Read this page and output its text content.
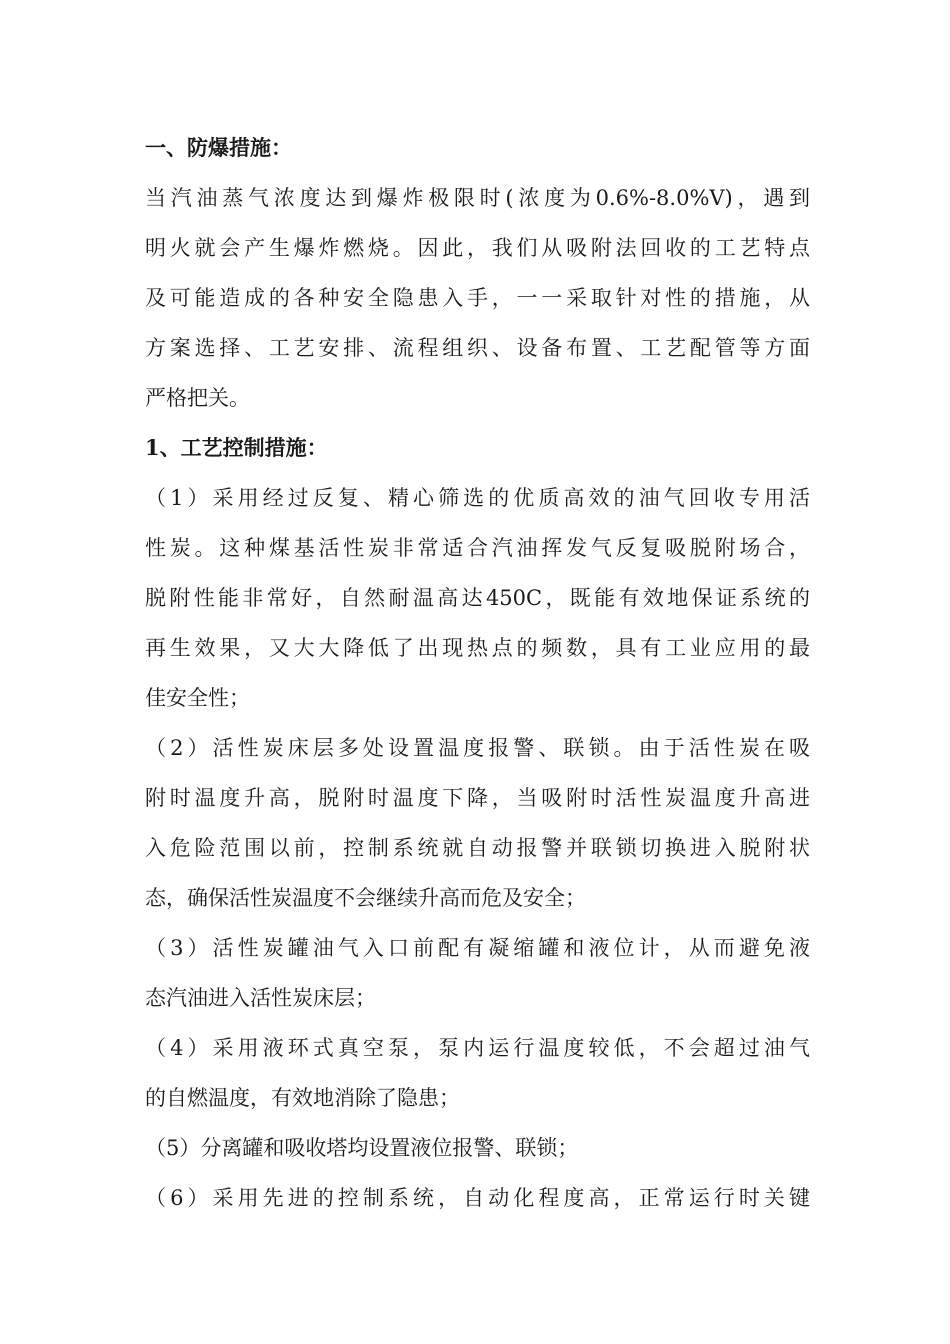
一、防爆措施：
当汽油蒸气浓度达到爆炸极限时(浓度为0.6%-8.0%V)，遇到
明火就会产生爆炸燃烧。因此，我们从吸附法回收的工艺特点
及可能造成的各种安全隐患入手，一一采取针对性的措施，从
方案选择、工艺安排、流程组织、设备布置、工艺配管等方面
严格把关。
1、工艺控制措施：
（1）采用经过反复、精心筛选的优质高效的油气回收专用活
性炭。这种煤基活性炭非常适合汽油挥发气反复吸脱附场合，
脱附性能非常好，自然耐温高达450C，既能有效地保证系统的
再生效果，又大大降低了出现热点的频数，具有工业应用的最
佳安全性；
（2）活性炭床层多处设置温度报警、联锁。由于活性炭在吸
附时温度升高，脱附时温度下降，当吸附时活性炭温度升高进
入危险范围以前，控制系统就自动报警并联锁切换进入脱附状
态，确保活性炭温度不会继续升高而危及安全；
（3）活性炭罐油气入口前配有凝缩罐和液位计，从而避免液
态汽油进入活性炭床层；
（4）采用液环式真空泵，泵内运行温度较低，不会超过油气
的自燃温度，有效地消除了隐患；
（5）分离罐和吸收塔均设置液位报警、联锁；
（6）采用先进的控制系统，自动化程度高，正常运行时关键
